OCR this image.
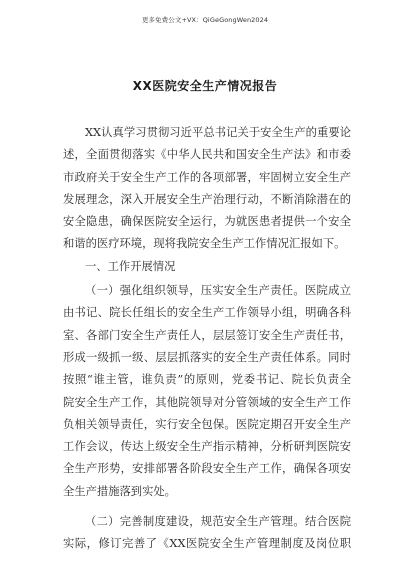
更多免费公文+VX：QiGeGongWen2024
XX医院安全生产情况报告

XX认真学习贯彻习近平总书记关于安全生产的重要论
述，全面贯彻落实《中华人民共和国安全生产法》和市委
市政府关于安全生产工作的各项部署，牢固树立安全生产
发展理念，深入开展安全生产治理行动，不断消除潜在的
安全隐患，确保医院安全运行，为就医患者提供一个安全
和谐的医疗环境，现将我院安全生产工作情况汇报如下。

一、工作开展情况

（一）强化组织领导，压实安全生产责任。医院成立
由书记、院长任组长的安全生产工作领导小组，明确各科
室、各部门安全生产责任人，层层签订安全生产责任书，
形成一级抓一级、层层抓落实的安全生产责任体系。同时
按照“谁主管，谁负责”的原则，党委书记、院长负责全
院安全生产工作，其他院领导对分管领域的安全生产工作
负相关领导责任，实行安全包保。医院定期召开安全生产
工作会议，传达上级安全生产指示精神，分析研判医院安
全生产形势，安排部署各阶段安全生产工作，确保各项安
全生产措施落到实处。

（二）完善制度建设，规范安全生产管理。结合医院
实际，修订完善了《XX医院安全生产管理制度及岗位职
